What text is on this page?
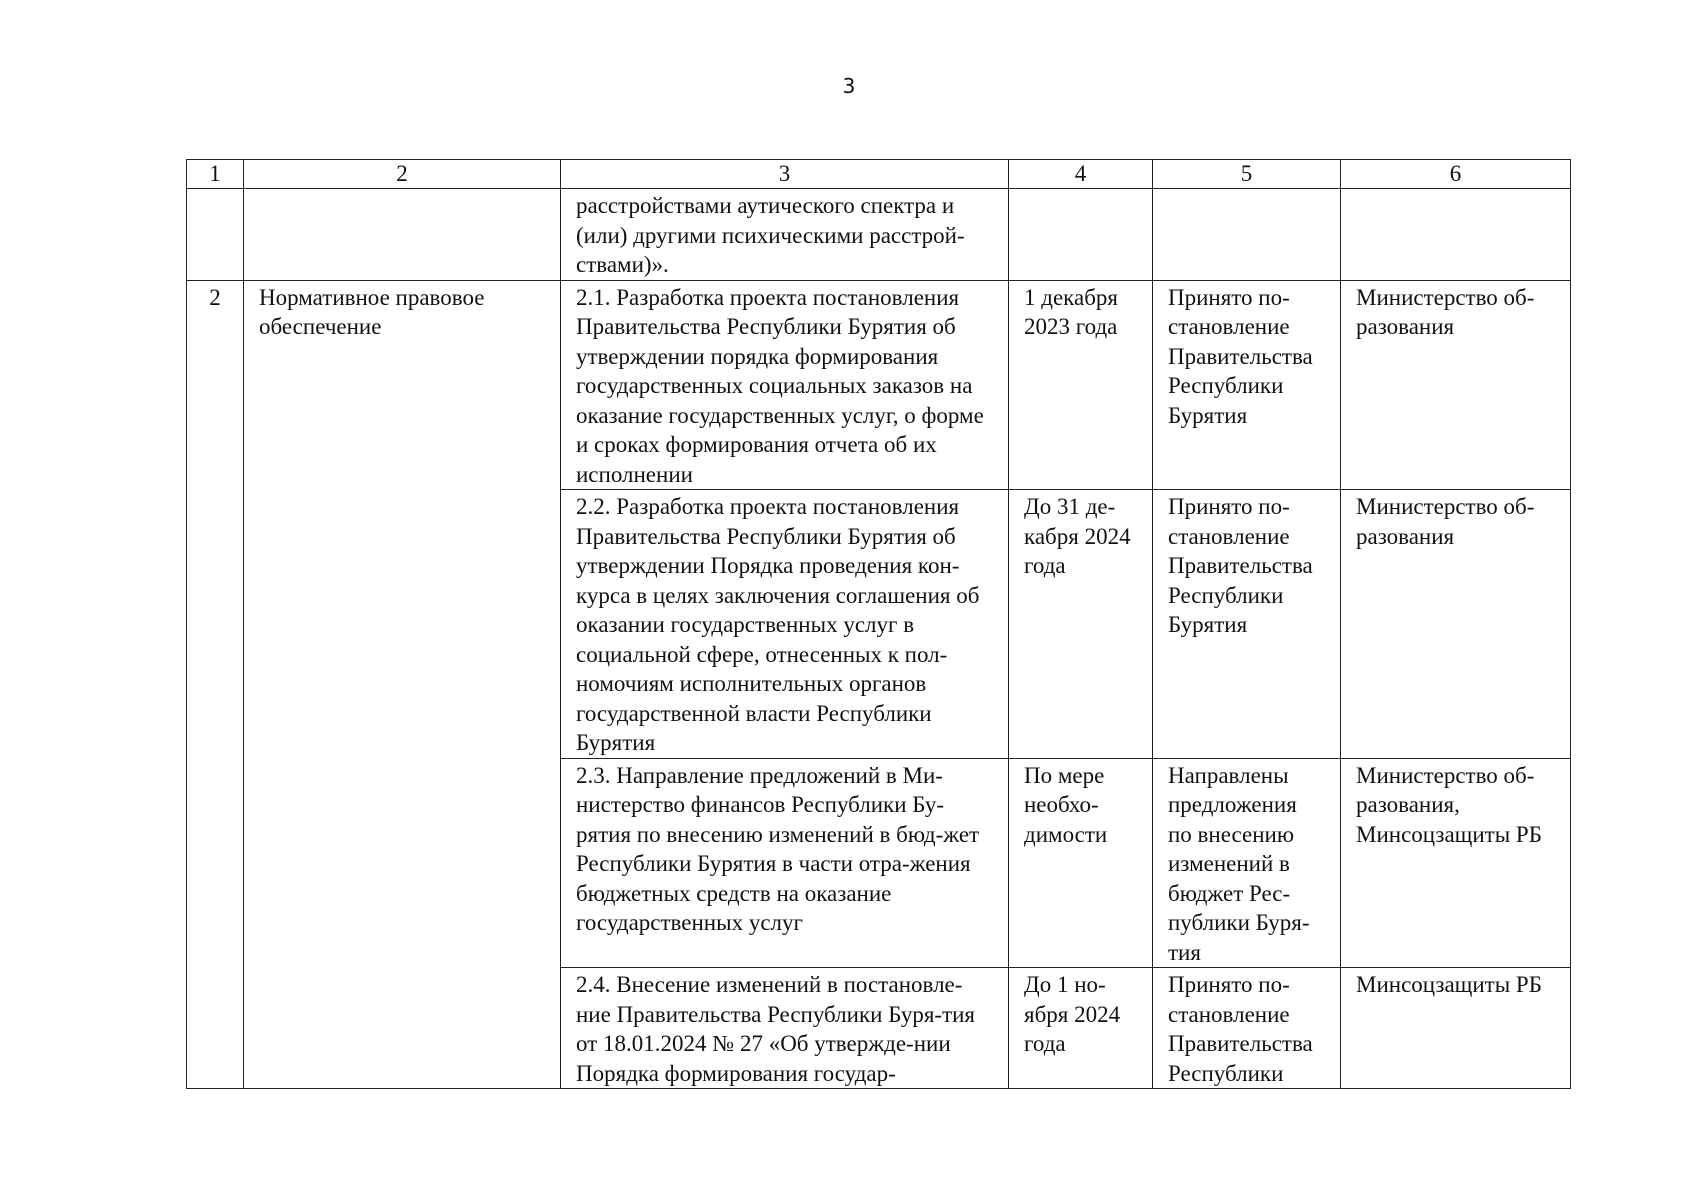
3
1	2	3	4	5	6
		расстройствами аутического спектра и (или) другими психическими расстрой-ствами)».			
2	Нормативное правовое обеспечение	2.1. Разработка проекта постановления Правительства Республики Бурятия об утверждении порядка формирования государственных социальных заказов на оказание государственных услуг, о форме и сроках формирования отчета об их исполнении	1 декабря 2023 года	Принято по-становление Правительства Республики Бурятия	Министерство об-разования
		2.2. Разработка проекта постановления Правительства Республики Бурятия об утверждении Порядка проведения кон-курса в целях заключения соглашения об оказании государственных услуг в социальной сфере, отнесенных к пол-номочиям исполнительных органов государственной власти Республики Бурятия	До 31 де-кабря 2024 года	Принято по-становление Правительства Республики Бурятия	Министерство об-разования
		2.3. Направление предложений в Ми-нистерство финансов Республики Бу-рятия по внесению изменений в бюд-жет Республики Бурятия в части отра-жения бюджетных средств на оказание государственных услуг	По мере необхо-димости	Направлены предложения по внесению изменений в бюджет Рес-публики Буря-тия	Министерство об-разования, Минсоцзащиты РБ
		2.4. Внесение изменений в постановле-ние Правительства Республики Буря-тия от 18.01.2024 № 27 «Об утвержде-нии Порядка формирования государ-	До 1 но-ября 2024 года	Принято по-становление Правительства Республики	Минсоцзащиты РБ
